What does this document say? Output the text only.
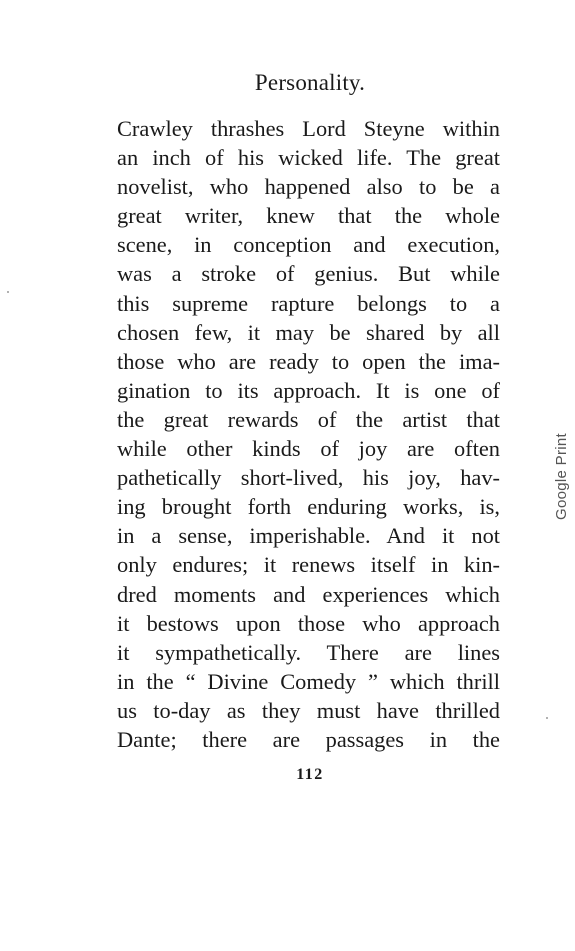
Personality.
Crawley thrashes Lord Steyne within
an inch of his wicked life. The great
novelist, who happened also to be a
great writer, knew that the whole
scene, in conception and execution,
was a stroke of genius. But while
this supreme rapture belongs to a
chosen few, it may be shared by all
those who are ready to open the ima-
gination to its approach. It is one of
the great rewards of the artist that
while other kinds of joy are often
pathetically short-lived, his joy, hav-
ing brought forth enduring works, is,
in a sense, imperishable. And it not
only endures; it renews itself in kin-
dred moments and experiences which
it bestows upon those who approach
it sympathetically. There are lines
in the “ Divine Comedy ” which thrill
us to-day as they must have thrilled
Dante; there are passages in the
112
Google Print
